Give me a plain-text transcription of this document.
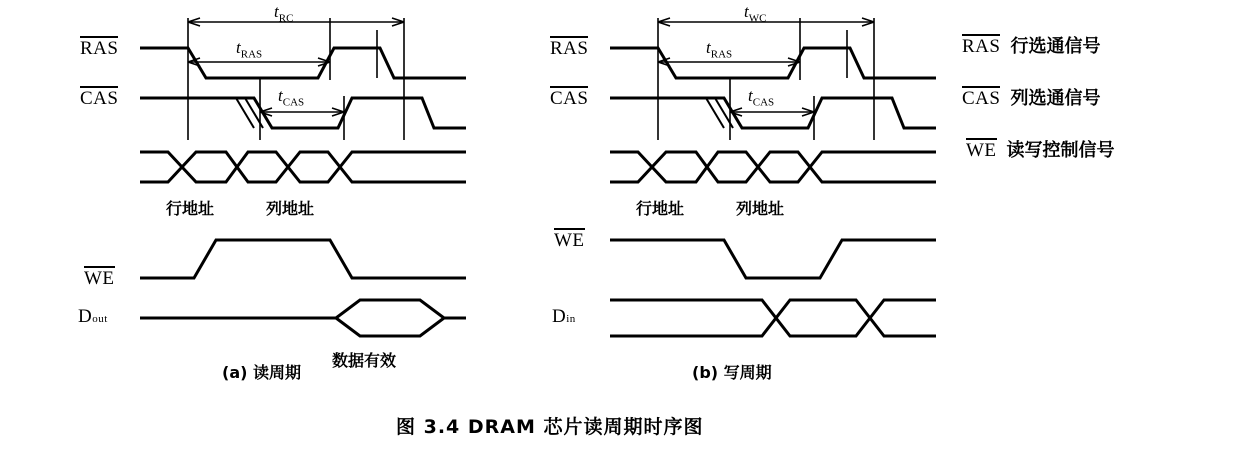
RAS
CAS
WE
Dout
$t_{RC}$
$t_{RAS}$
$t_{CAS}$
行地址	列地址
数据有效
(a) 读周期
RAS
CAS
WE
Din
$t_{WC}$
$t_{RAS}$
$t_{CAS}$
行地址	列地址
(b) 写周期
RAS 行选通信号
CAS 列选通信号
WE 读写控制信号
图 3.4 DRAM 芯片读周期时序图
